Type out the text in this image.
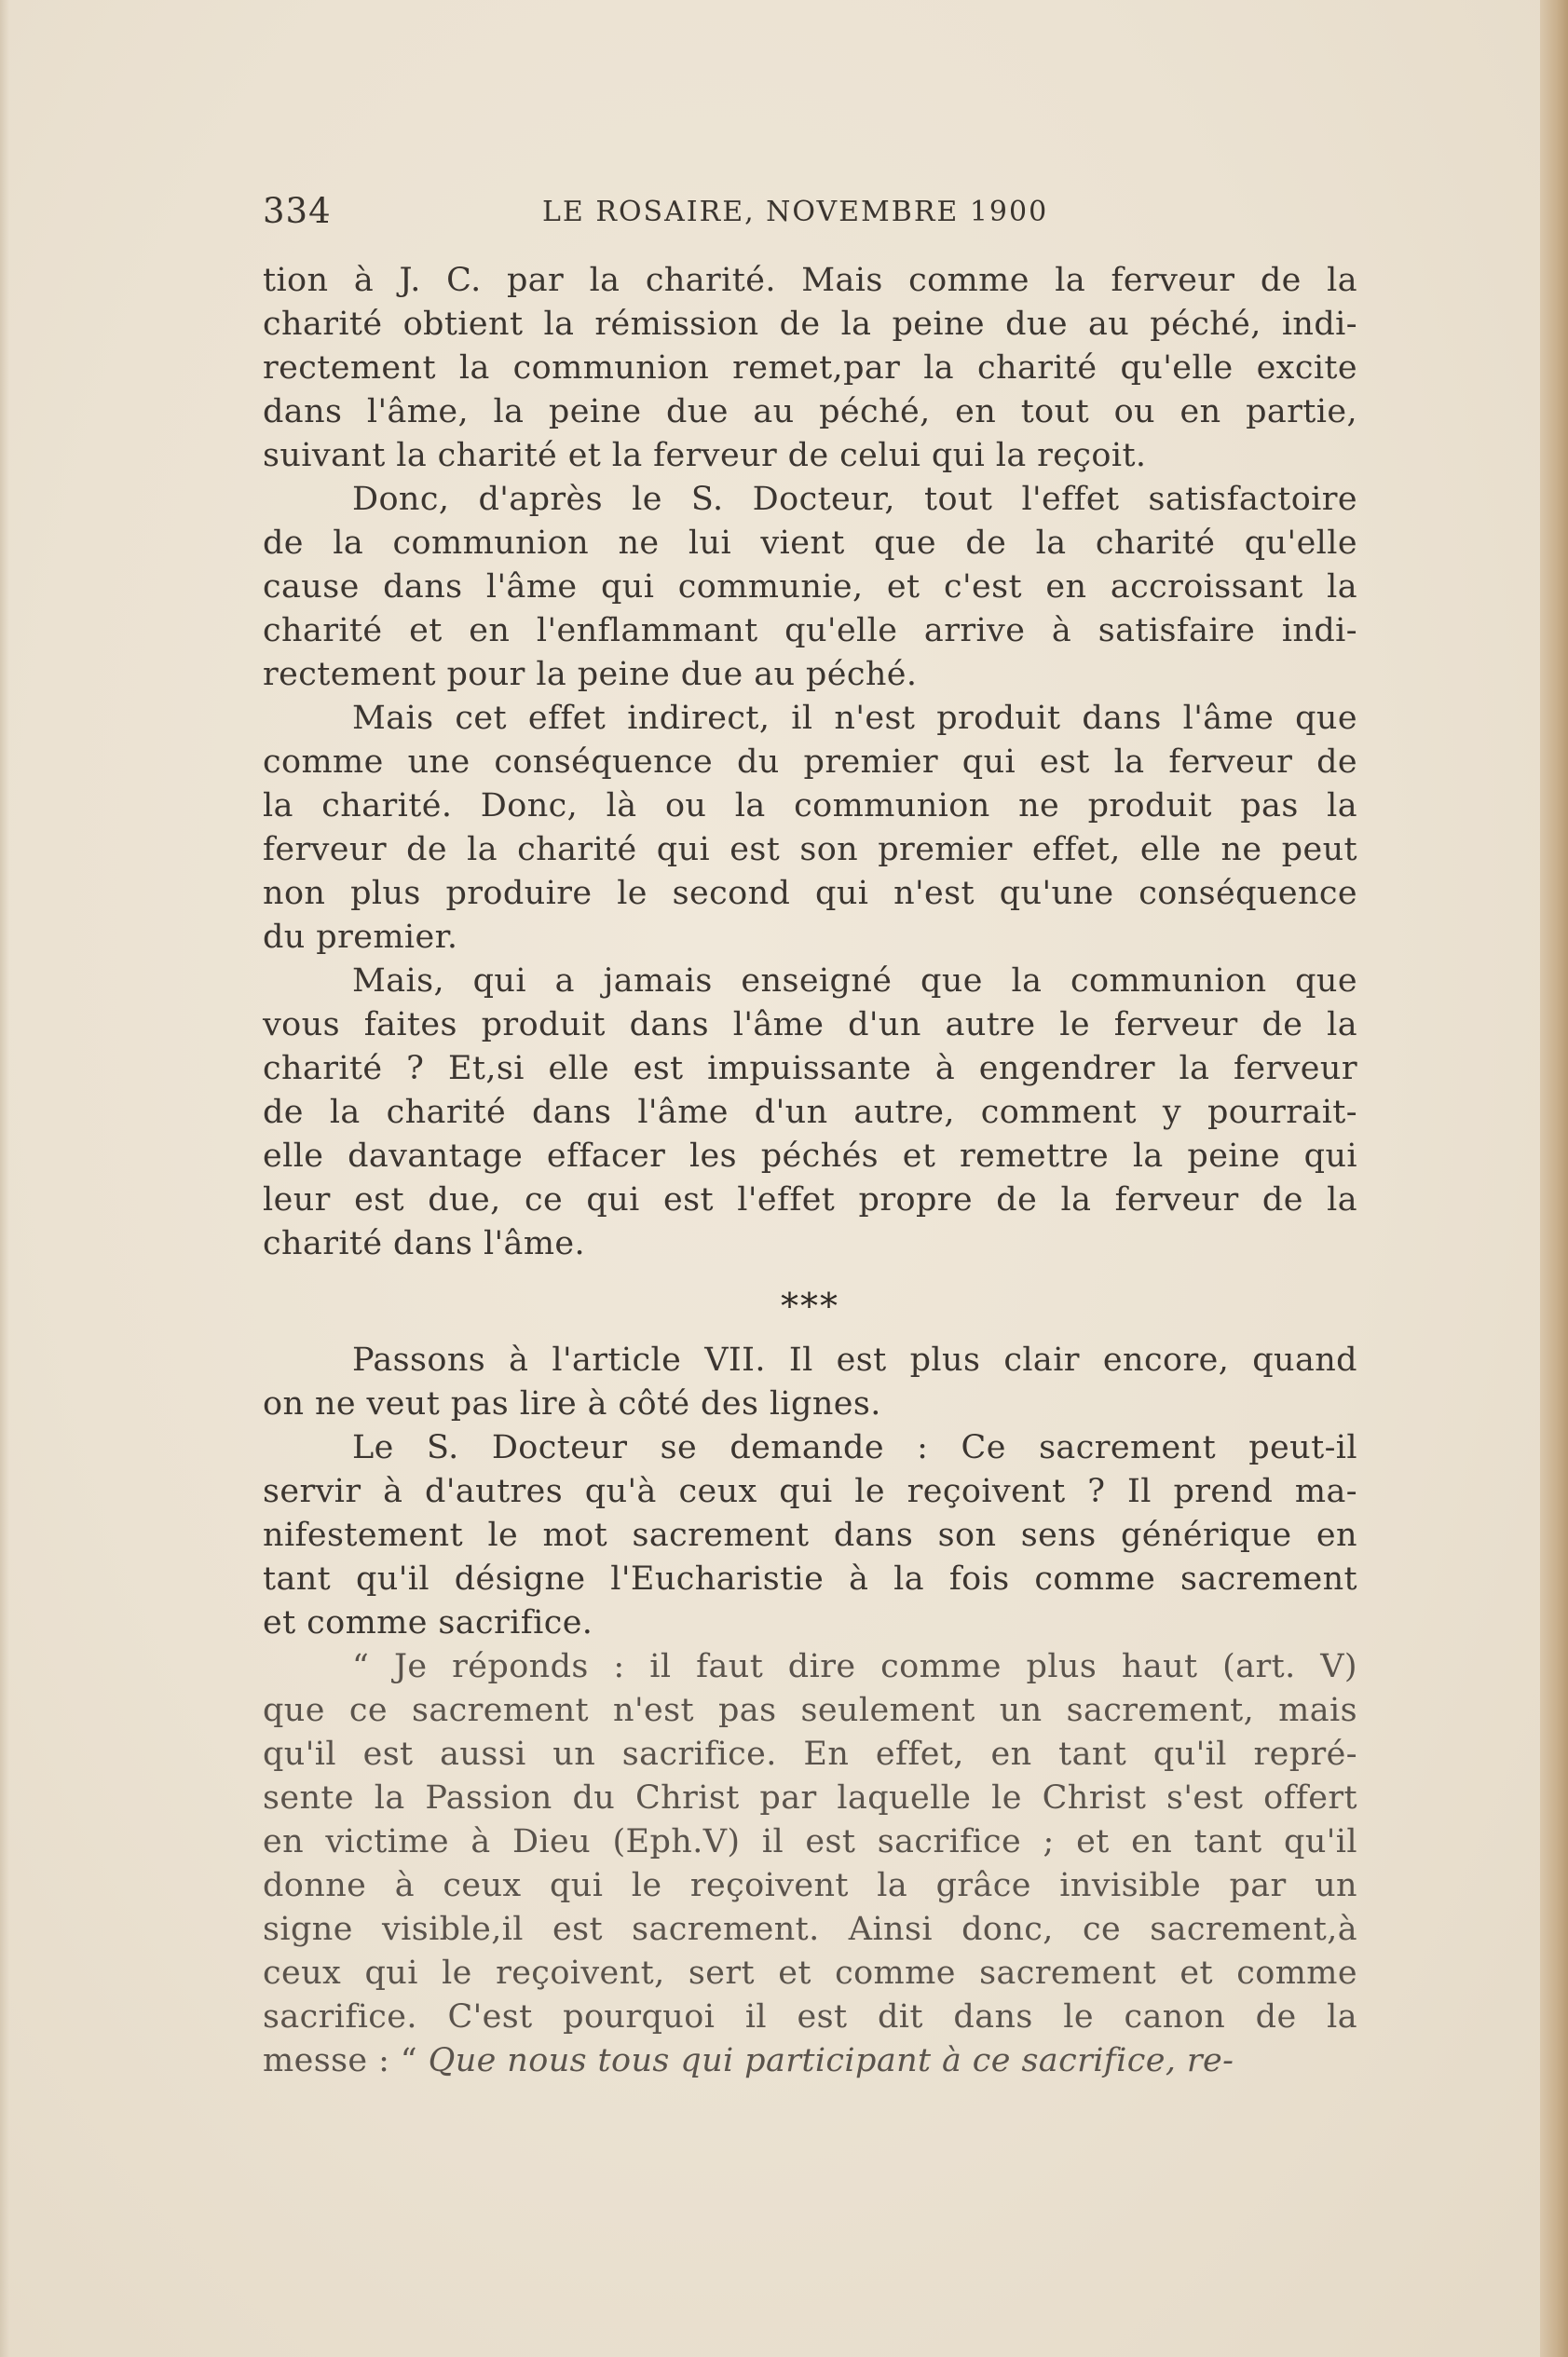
334	LE ROSAIRE, NOVEMBRE 1900
tion à J. C. par la charité. Mais comme la ferveur de la
charité obtient la rémission de la peine due au péché, indi-
rectement la communion remet,par la charité qu'elle excite
dans l'âme, la peine due au péché, en tout ou en partie,
suivant la charité et la ferveur de celui qui la reçoit.
Donc, d'après le S. Docteur, tout l'effet satisfactoire
de la communion ne lui vient que de la charité qu'elle
cause dans l'âme qui communie, et c'est en accroissant la
charité et en l'enflammant qu'elle arrive à satisfaire indi-
rectement pour la peine due au péché.
Mais cet effet indirect, il n'est produit dans l'âme que
comme une conséquence du premier qui est la ferveur de
la charité. Donc, là ou la communion ne produit pas la
ferveur de la charité qui est son premier effet, elle ne peut
non plus produire le second qui n'est qu'une conséquence
du premier.
Mais, qui a jamais enseigné que la communion que
vous faites produit dans l'âme d'un autre le ferveur de la
charité ? Et,si elle est impuissante à engendrer la ferveur
de la charité dans l'âme d'un autre, comment y pourrait-
elle davantage effacer les péchés et remettre la peine qui
leur est due, ce qui est l'effet propre de la ferveur de la
charité dans l'âme.
***
Passons à l'article VII. Il est plus clair encore, quand
on ne veut pas lire à côté des lignes.
Le S. Docteur se demande : Ce sacrement peut-il
servir à d'autres qu'à ceux qui le reçoivent ? Il prend ma-
nifestement le mot sacrement dans son sens générique en
tant qu'il désigne l'Eucharistie à la fois comme sacrement
et comme sacrifice.
“ Je réponds : il faut dire comme plus haut (art. V)
que ce sacrement n'est pas seulement un sacrement, mais
qu'il est aussi un sacrifice. En effet, en tant qu'il repré-
sente la Passion du Christ par laquelle le Christ s'est offert
en victime à Dieu (Eph.V) il est sacrifice ; et en tant qu'il
donne à ceux qui le reçoivent la grâce invisible par un
signe visible,il est sacrement. Ainsi donc, ce sacrement,à
ceux qui le reçoivent, sert et comme sacrement et comme
sacrifice. C'est pourquoi il est dit dans le canon de la
messe : “ Que nous tous qui participant à ce sacrifice, re-
